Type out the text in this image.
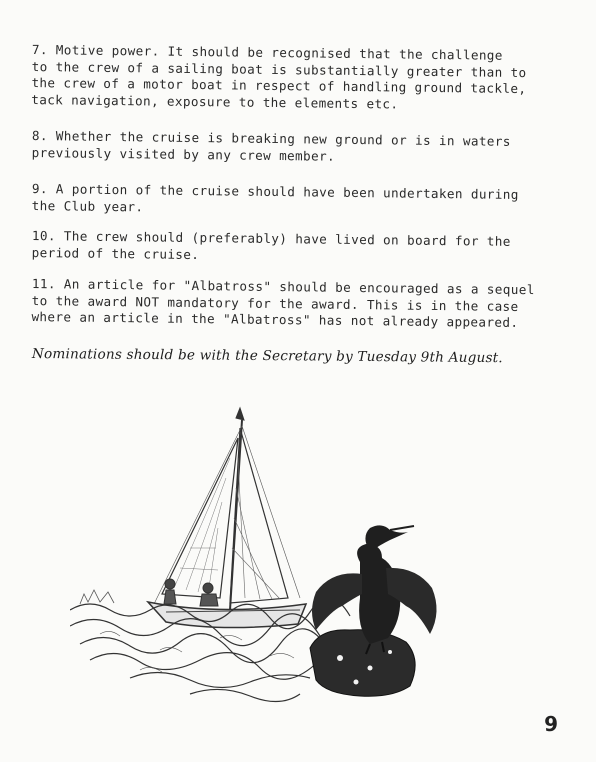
7. Motive power. It should be recognised that the challenge
to the crew of a sailing boat is substantially greater than to
the crew of a motor boat in respect of handling ground tackle,
tack navigation, exposure to the elements etc.
8. Whether the cruise is breaking new ground or is in waters
previously visited by any crew member.
9. A portion of the cruise should have been undertaken during
the Club year.
10. The crew should (preferably) have lived on board for the
period of the cruise.
11. An article for "Albatross" should be encouraged as a sequel
to the award NOT mandatory for the award. This is in the case
where an article in the "Albatross" has not already appeared.
Nominations should be with the Secretary by Tuesday 9th August.
9
